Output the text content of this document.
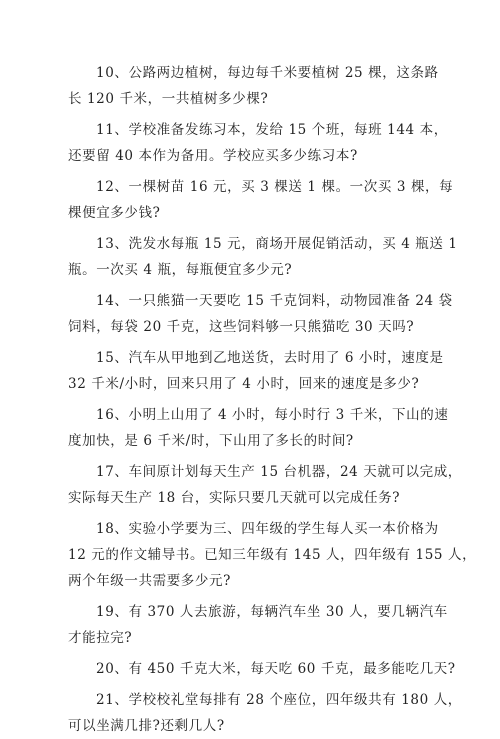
10、公路两边植树，每边每千米要植树 25 棵，这条路
长 120 千米，一共植树多少棵?
11、学校准备发练习本，发给 15 个班，每班 144 本，
还要留 40 本作为备用。学校应买多少练习本?
12、一棵树苗 16 元，买 3 棵送 1 棵。一次买 3 棵，每
棵便宜多少钱?
13、洗发水每瓶 15 元，商场开展促销活动，买 4 瓶送 1
瓶。一次买 4 瓶，每瓶便宜多少元?
14、一只熊猫一天要吃 15 千克饲料，动物园准备 24 袋
饲料，每袋 20 千克，这些饲料够一只熊猫吃 30 天吗?
15、汽车从甲地到乙地送货，去时用了 6 小时，速度是
32 千米/小时，回来只用了 4 小时，回来的速度是多少?
16、小明上山用了 4 小时，每小时行 3 千米，下山的速
度加快，是 6 千米/时，下山用了多长的时间?
17、车间原计划每天生产 15 台机器，24 天就可以完成，
实际每天生产 18 台，实际只要几天就可以完成任务?
18、实验小学要为三、四年级的学生每人买一本价格为
12 元的作文辅导书。已知三年级有 145 人，四年级有 155 人，
两个年级一共需要多少元?
19、有 370 人去旅游，每辆汽车坐 30 人，要几辆汽车
才能拉完?
20、有 450 千克大米，每天吃 60 千克，最多能吃几天?
21、学校校礼堂每排有 28 个座位，四年级共有 180 人，
可以坐满几排?还剩几人?
